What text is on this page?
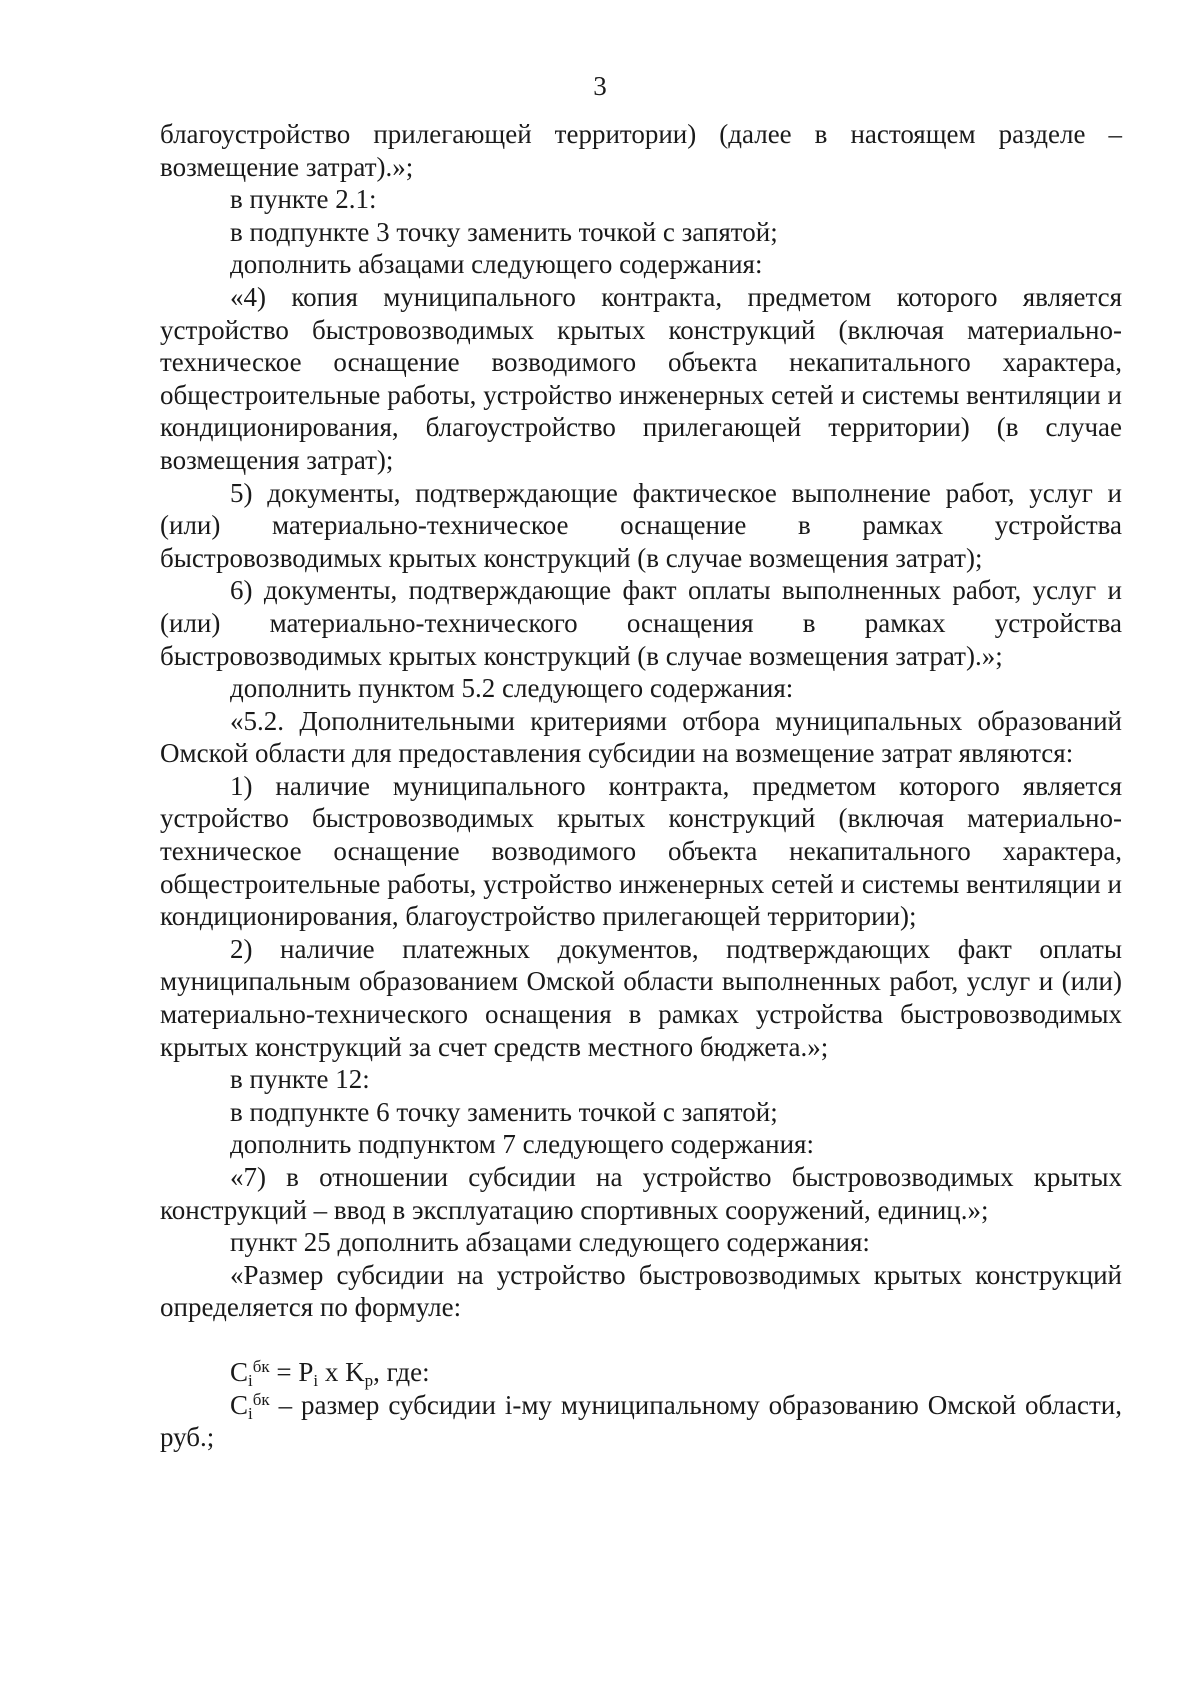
3

благоустройство прилегающей территории) (далее в настоящем разделе – возмещение затрат).»;

в пункте 2.1:

в подпункте 3 точку заменить точкой с запятой;

дополнить абзацами следующего содержания:

«4) копия муниципального контракта, предметом которого является устройство быстровозводимых крытых конструкций (включая материально-техническое оснащение возводимого объекта некапитального характера, общестроительные работы, устройство инженерных сетей и системы вентиляции и кондиционирования, благоустройство прилегающей территории) (в случае возмещения затрат);

5) документы, подтверждающие фактическое выполнение работ, услуг и (или) материально-техническое оснащение в рамках устройства быстровозводимых крытых конструкций (в случае возмещения затрат);

6) документы, подтверждающие факт оплаты выполненных работ, услуг и (или) материально-технического оснащения в рамках устройства быстровозводимых крытых конструкций (в случае возмещения затрат).»;

дополнить пунктом 5.2 следующего содержания:

«5.2. Дополнительными критериями отбора муниципальных образований Омской области для предоставления субсидии на возмещение затрат являются:

1) наличие муниципального контракта, предметом которого является устройство быстровозводимых крытых конструкций (включая материально-техническое оснащение возводимого объекта некапитального характера, общестроительные работы, устройство инженерных сетей и системы вентиляции и кондиционирования, благоустройство прилегающей территории);

2) наличие платежных документов, подтверждающих факт оплаты муниципальным образованием Омской области выполненных работ, услуг и (или) материально-технического оснащения в рамках устройства быстровозводимых крытых конструкций за счет средств местного бюджета.»;

в пункте 12:

в подпункте 6 точку заменить точкой с запятой;

дополнить подпунктом 7 следующего содержания:

«7) в отношении субсидии на устройство быстровозводимых крытых конструкций – ввод в эксплуатацию спортивных сооружений, единиц.»;

пункт 25 дополнить абзацами следующего содержания:

«Размер субсидии на устройство быстровозводимых крытых конструкций определяется по формуле:

$C_i^{бк} = P_i$ x $K_р$, где:

$C_i^{бк}$ – размер субсидии i-му муниципальному образованию Омской области, руб.;
